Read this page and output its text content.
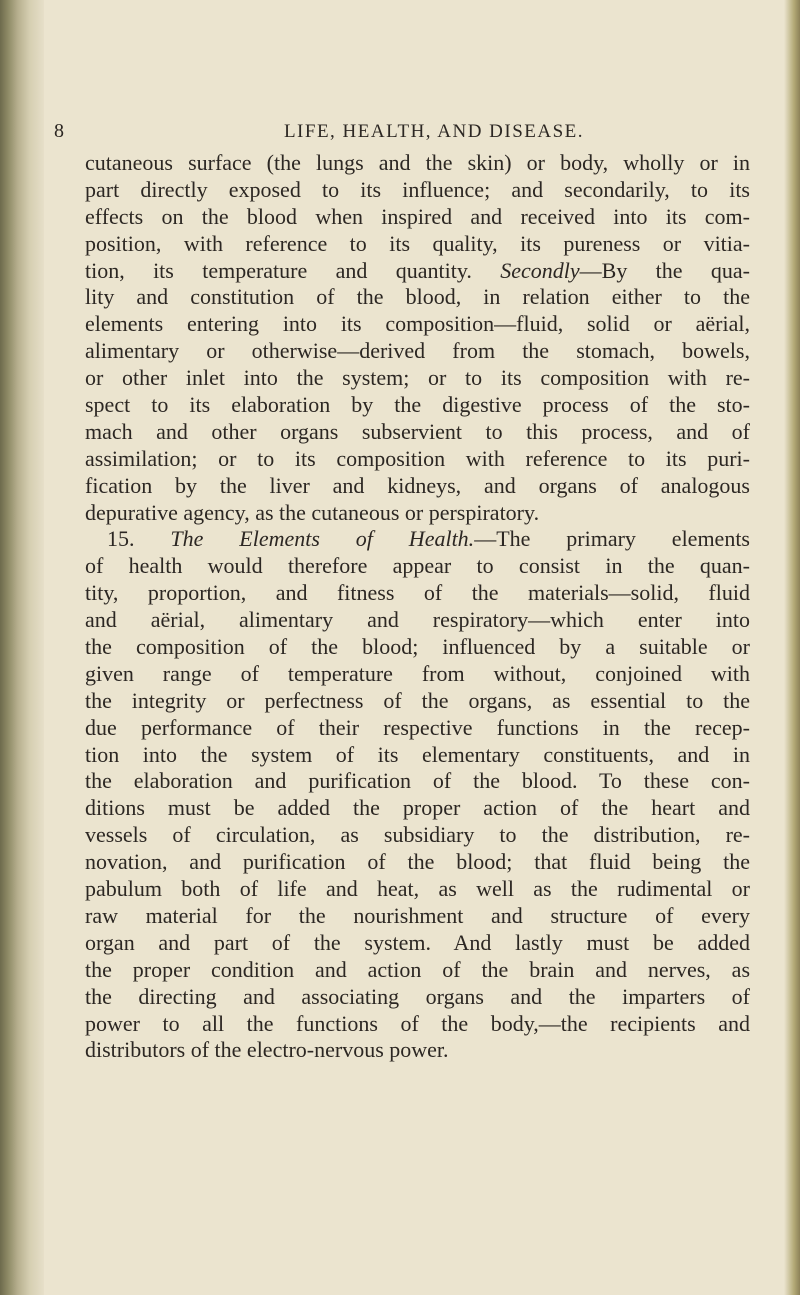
8	LIFE, HEALTH, AND DISEASE.
cutaneous surface (the lungs and the skin) or body, wholly or in
part directly exposed to its influence; and secondarily, to its
effects on the blood when inspired and received into its com-
position, with reference to its quality, its pureness or vitia-
tion, its temperature and quantity. Secondly—By the qua-
lity and constitution of the blood, in relation either to the
elements entering into its composition—fluid, solid or aërial,
alimentary or otherwise—derived from the stomach, bowels,
or other inlet into the system; or to its composition with re-
spect to its elaboration by the digestive process of the sto-
mach and other organs subservient to this process, and of
assimilation; or to its composition with reference to its puri-
fication by the liver and kidneys, and organs of analogous
depurative agency, as the cutaneous or perspiratory.
15. The Elements of Health.—The primary elements
of health would therefore appear to consist in the quan-
tity, proportion, and fitness of the materials—solid, fluid
and aërial, alimentary and respiratory—which enter into
the composition of the blood; influenced by a suitable or
given range of temperature from without, conjoined with
the integrity or perfectness of the organs, as essential to the
due performance of their respective functions in the recep-
tion into the system of its elementary constituents, and in
the elaboration and purification of the blood. To these con-
ditions must be added the proper action of the heart and
vessels of circulation, as subsidiary to the distribution, re-
novation, and purification of the blood; that fluid being the
pabulum both of life and heat, as well as the rudimental or
raw material for the nourishment and structure of every
organ and part of the system. And lastly must be added
the proper condition and action of the brain and nerves, as
the directing and associating organs and the imparters of
power to all the functions of the body,—the recipients and
distributors of the electro-nervous power.
